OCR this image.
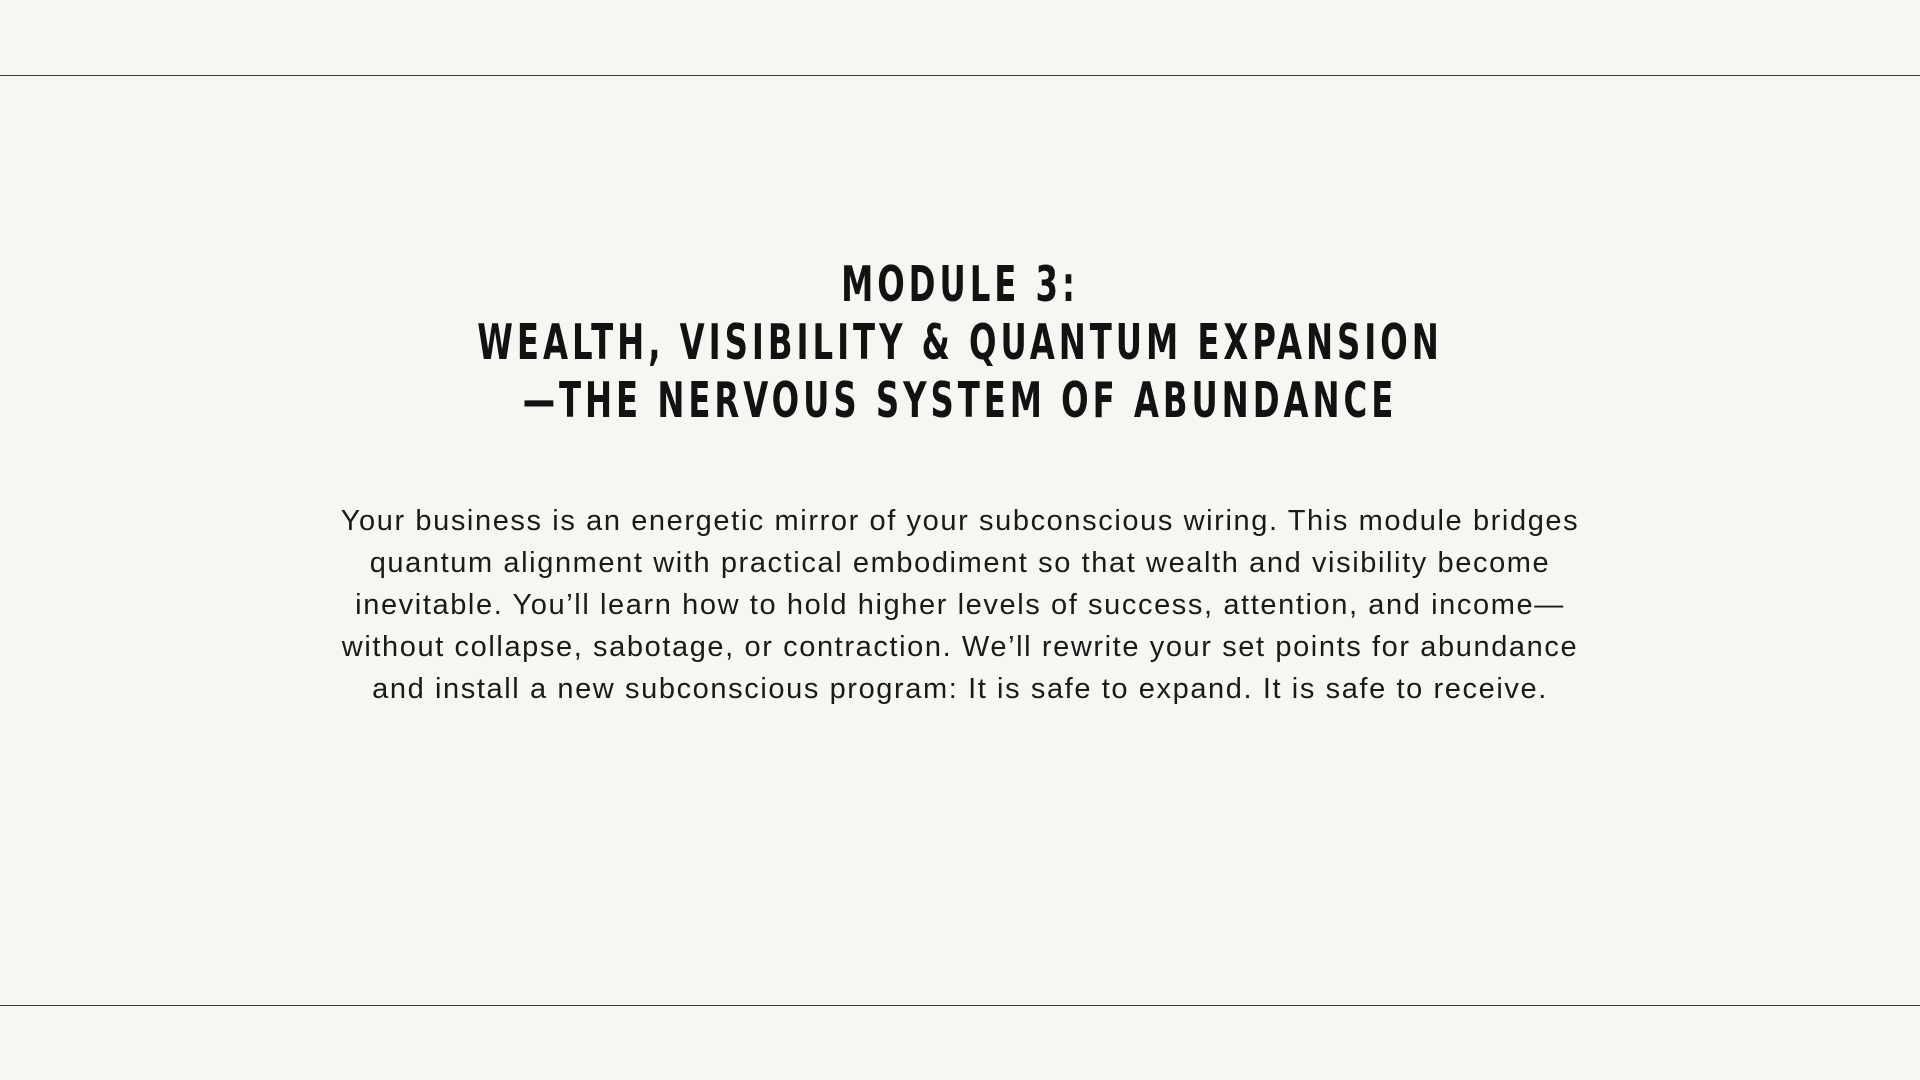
MODULE 3:
WEALTH, VISIBILITY & QUANTUM EXPANSION
—THE NERVOUS SYSTEM OF ABUNDANCE

Your business is an energetic mirror of your subconscious wiring. This module bridges
quantum alignment with practical embodiment so that wealth and visibility become
inevitable. You’ll learn how to hold higher levels of success, attention, and income—
without collapse, sabotage, or contraction. We’ll rewrite your set points for abundance
and install a new subconscious program: It is safe to expand. It is safe to receive.
